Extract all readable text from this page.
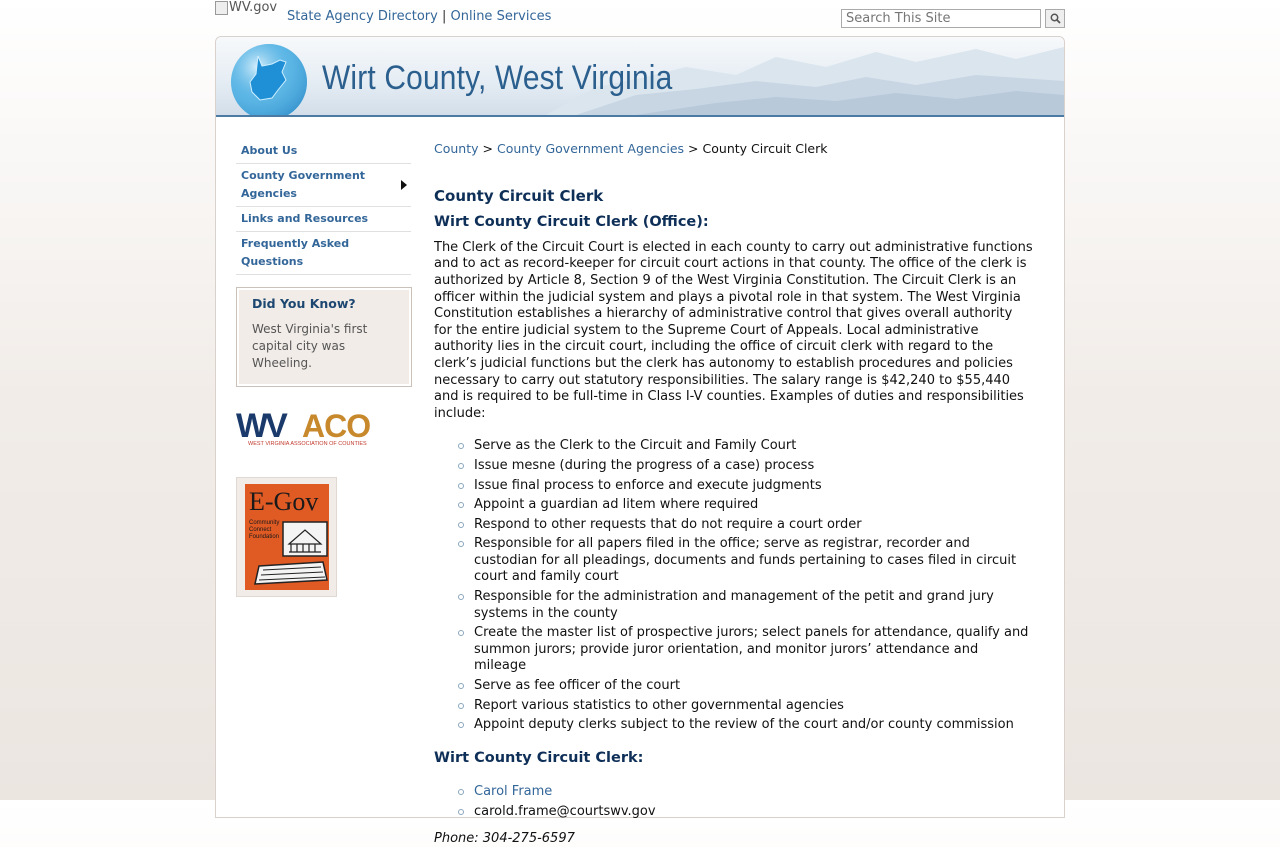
WV.gov
State Agency Directory | Online Services
Search This Site
Wirt County, West Virginia
About Us
County Government Agencies
Links and Resources
Frequently Asked Questions
Did You Know?

West Virginia's first capital city was Wheeling.

WV ACO
WEST VIRGINIA ASSOCIATION OF COUNTIES
E-Gov
Community
Connect
Foundation
County > County Government Agencies > County Circuit Clerk
County Circuit Clerk
Wirt County Circuit Clerk (Office):

The Clerk of the Circuit Court is elected in each county to carry out administrative functions and to act as record-keeper for circuit court actions in that county. The office of the clerk is authorized by Article 8, Section 9 of the West Virginia Constitution. The Circuit Clerk is an officer within the judicial system and plays a pivotal role in that system. The West Virginia Constitution establishes a hierarchy of administrative control that gives overall authority for the entire judicial system to the Supreme Court of Appeals. Local administrative authority lies in the circuit court, including the office of circuit clerk with regard to the clerk’s judicial functions but the clerk has autonomy to establish procedures and policies necessary to carry out statutory responsibilities. The salary range is $42,240 to $55,440 and is required to be full-time in Class I-V counties. Examples of duties and responsibilities include:

Serve as the Clerk to the Circuit and Family Court
Issue mesne (during the progress of a case) process
Issue final process to enforce and execute judgments
Appoint a guardian ad litem where required
Respond to other requests that do not require a court order
Responsible for all papers filed in the office; serve as registrar, recorder and custodian for all pleadings, documents and funds pertaining to cases filed in circuit court and family court
Responsible for the administration and management of the petit and grand jury systems in the county
Create the master list of prospective jurors; select panels for attendance, qualify and summon jurors; provide juror orientation, and monitor jurors’ attendance and mileage
Serve as fee officer of the court
Report various statistics to other governmental agencies
Appoint deputy clerks subject to the review of the court and/or county commission
Wirt County Circuit Clerk:
Carol Frame
carold.frame@courtswv.gov
Phone: 304-275-6597
